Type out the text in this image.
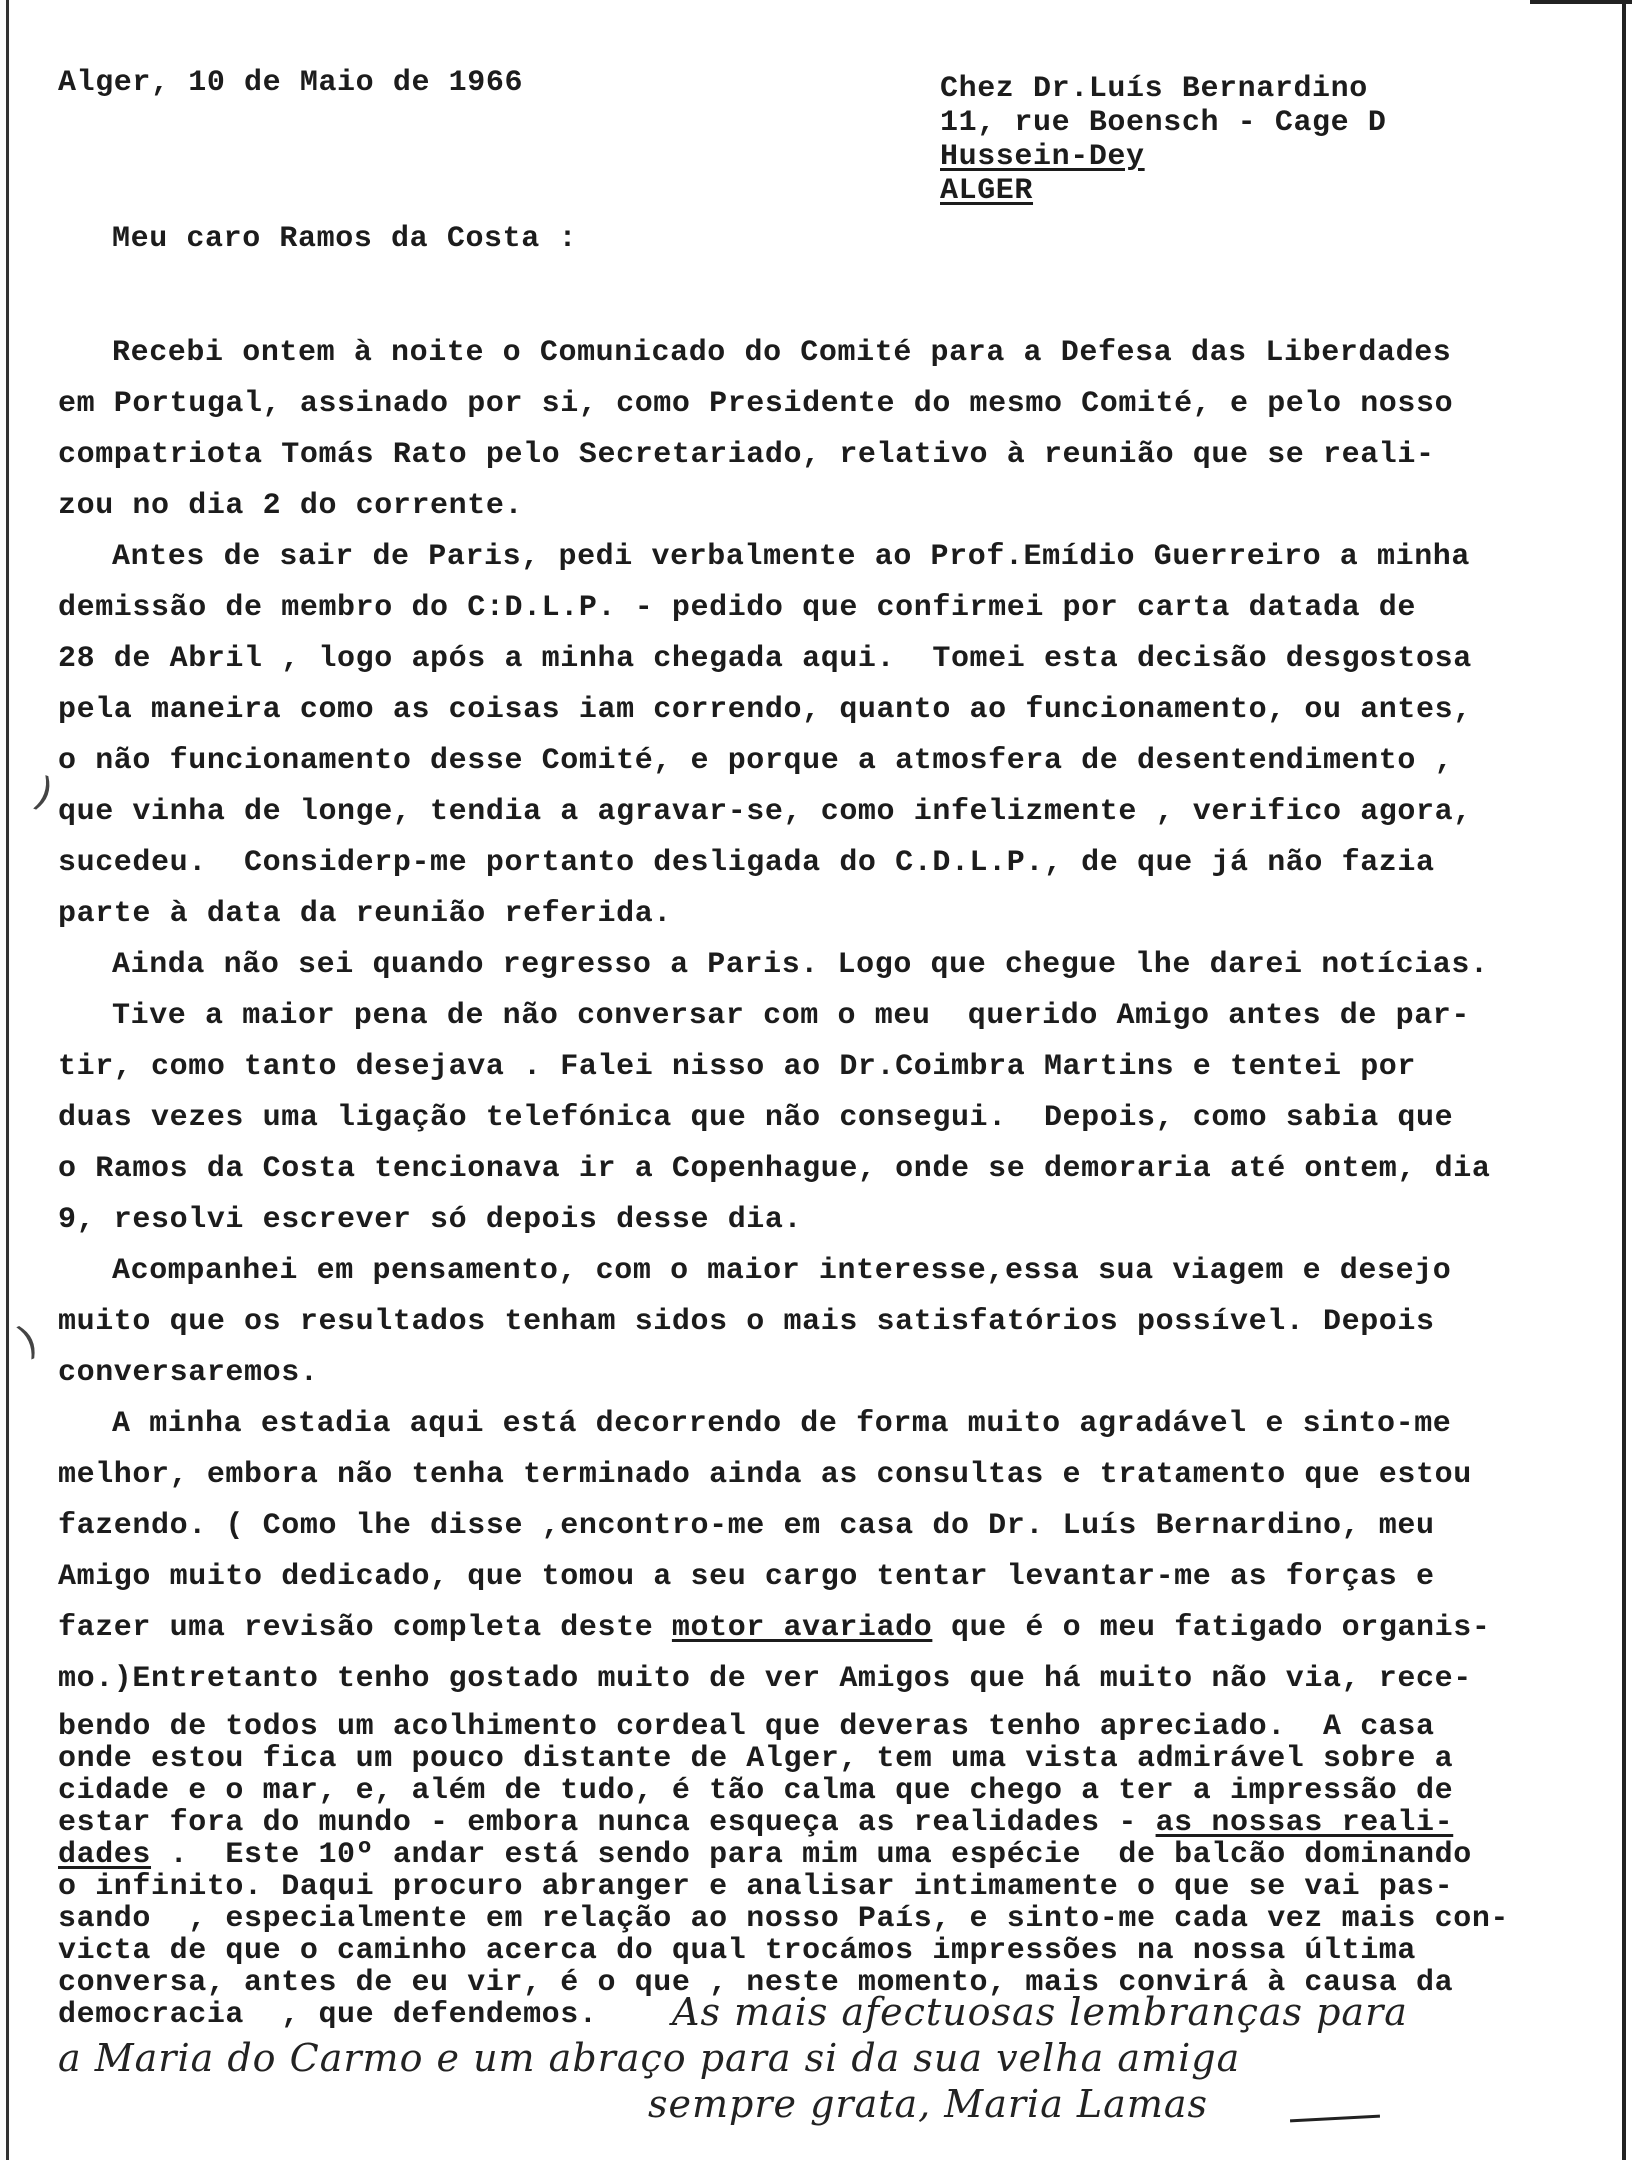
Alger, 10 de Maio de 1966	Chez Dr.Luís Bernardino
11, rue Boensch - Cage D
Hussein-Dey
ALGER
Meu caro Ramos da Costa :
Recebi ontem à noite o Comunicado do Comité para a Defesa das Liberdades
em Portugal, assinado por si, como Presidente do mesmo Comité, e pelo nosso
compatriota Tomás Rato pelo Secretariado, relativo à reunião que se reali-
zou no dia 2 do corrente.
Antes de sair de Paris, pedi verbalmente ao Prof.Emídio Guerreiro a minha
demissão de membro do C:D.L.P. - pedido que confirmei por carta datada de
28 de Abril , logo após a minha chegada aqui.  Tomei esta decisão desgostosa
pela maneira como as coisas iam correndo, quanto ao funcionamento, ou antes,
o não funcionamento desse Comité, e porque a atmosfera de desentendimento ,
que vinha de longe, tendia a agravar-se, como infelizmente , verifico agora,
sucedeu.  Considerp-me portanto desligada do C.D.L.P., de que já não fazia
parte à data da reunião referida.
Ainda não sei quando regresso a Paris. Logo que chegue lhe darei notícias.
Tive a maior pena de não conversar com o meu  querido Amigo antes de par-
tir, como tanto desejava . Falei nisso ao Dr.Coimbra Martins e tentei por
duas vezes uma ligação telefónica que não consegui.  Depois, como sabia que
o Ramos da Costa tencionava ir a Copenhague, onde se demoraria até ontem, dia
9, resolvi escrever só depois desse dia.
Acompanhei em pensamento, com o maior interesse,essa sua viagem e desejo
muito que os resultados tenham sidos o mais satisfatórios possível. Depois
conversaremos.
A minha estadia aqui está decorrendo de forma muito agradável e sinto-me
melhor, embora não tenha terminado ainda as consultas e tratamento que estou
fazendo. ( Como lhe disse ,encontro-me em casa do Dr. Luís Bernardino, meu
Amigo muito dedicado, que tomou a seu cargo tentar levantar-me as forças e
fazer uma revisão completa deste motor avariado que é o meu fatigado organis-
mo.)Entretanto tenho gostado muito de ver Amigos que há muito não via, rece-
bendo de todos um acolhimento cordeal que deveras tenho apreciado.  A casa
onde estou fica um pouco distante de Alger, tem uma vista admirável sobre a
cidade e o mar, e, além de tudo, é tão calma que chego a ter a impressão de
estar fora do mundo - embora nunca esqueça as realidades - as nossas reali-
dades .  Este 10º andar está sendo para mim uma espécie  de balcão dominando
o infinito. Daqui procuro abranger e analisar intimamente o que se vai pas-
sando  , especialmente em relação ao nosso País, e sinto-me cada vez mais con-
victa de que o caminho acerca do qual trocámos impressões na nossa última
conversa, antes de eu vir, é o que , neste momento, mais convirá à causa da
democracia  , que defendemos. As mais afectuosas lembranças para
a Maria do Carmo e um abraço para si da sua velha amiga
sempre grata, Maria Lamas
)
)
